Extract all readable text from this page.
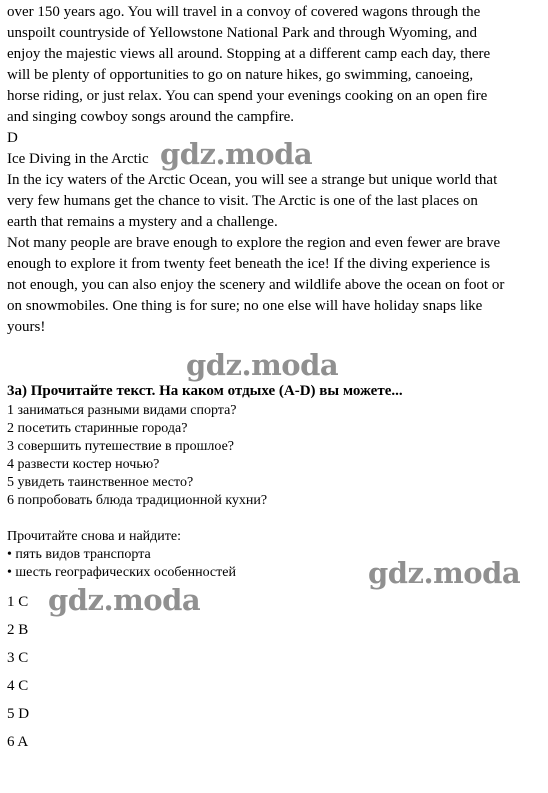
over 150 years ago. You will travel in a convoy of covered wagons through the
unspoilt countryside of Yellowstone National Park and through Wyoming, and
enjoy the majestic views all around. Stopping at a different camp each day, there
will be plenty of opportunities to go on nature hikes, go swimming, canoeing,
horse riding, or just relax. You can spend your evenings cooking on an open fire
and singing cowboy songs around the campfire.
D
Ice Diving in the Arctic
In the icy waters of the Arctic Ocean, you will see a strange but unique world that
very few humans get the chance to visit. The Arctic is one of the last places on
earth that remains a mystery and a challenge.
Not many people are brave enough to explore the region and even fewer are brave
enough to explore it from twenty feet beneath the ice! If the diving experience is
not enough, you can also enjoy the scenery and wildlife above the ocean on foot or
on snowmobiles. One thing is for sure; no one else will have holiday snaps like
yours!
3a) Прочитайте текст. На каком отдыхе (A-D) вы можете...
1 заниматься разными видами спорта?
2 посетить старинные города?
3 совершить путешествие в прошлое?
4 развести костер ночью?
5 увидеть таинственное место?
6 попробовать блюда традиционной кухни?
Прочитайте снова и найдите:
• пять видов транспорта
• шесть географических особенностей
1 C
2 B
3 C
4 C
5 D
6 A
gdz.moda
gdz.moda
gdz.moda
gdz.moda
